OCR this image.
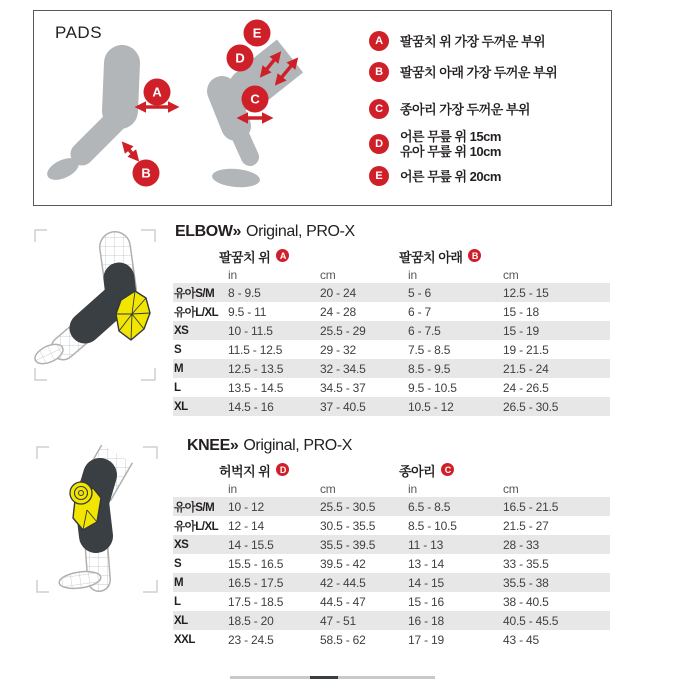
A
B
E
D
C
PADS	A	팔꿈치 위 가장 두꺼운 부위
B	팔꿈치 아래 가장 두꺼운 부위
C	종아리 가장 두꺼운 부위
D	어른 무릎 위 15cm
유아 무릎 위 10cm
E	어른 무릎 위 20cm
ELBOW» Original, PRO-X
팔꿈치 위	A	팔꿈치 아래	B
in	cm	in	cm
유아S/M	8 - 9.5	20 - 24	5 - 6	12.5 - 15
유아L/XL 9.5 - 11	24 - 28	6 - 7	15 - 18
XS	10 - 11.5	25.5 - 29	6 - 7.5	15 - 19
S	11.5 - 12.5	29 - 32	7.5 - 8.5	19 - 21.5
M	12.5 - 13.5	32 - 34.5	8.5 - 9.5	21.5 - 24
L	13.5 - 14.5	34.5 - 37	9.5 - 10.5	24 - 26.5
XL	14.5 - 16	37 - 40.5	10.5 - 12	26.5 - 30.5
KNEE» Original, PRO-X
허벅지 위	D	종아리	C
in	cm	in	cm
유아S/M	10 - 12	25.5 - 30.5	6.5 - 8.5	16.5 - 21.5
유아L/XL 12 - 14	30.5 - 35.5	8.5 - 10.5	21.5 - 27
XS	14 - 15.5	35.5 - 39.5	11 - 13	28 - 33
S	15.5 - 16.5	39.5 - 42	13 - 14	33 - 35.5
M	16.5 - 17.5	42 - 44.5	14 - 15	35.5 - 38
L	17.5 - 18.5	44.5 - 47	15 - 16	38 - 40.5
XL	18.5 - 20	47 - 51	16 - 18	40.5 - 45.5
XXL	23 - 24.5	58.5 - 62	17 - 19	43 - 45
